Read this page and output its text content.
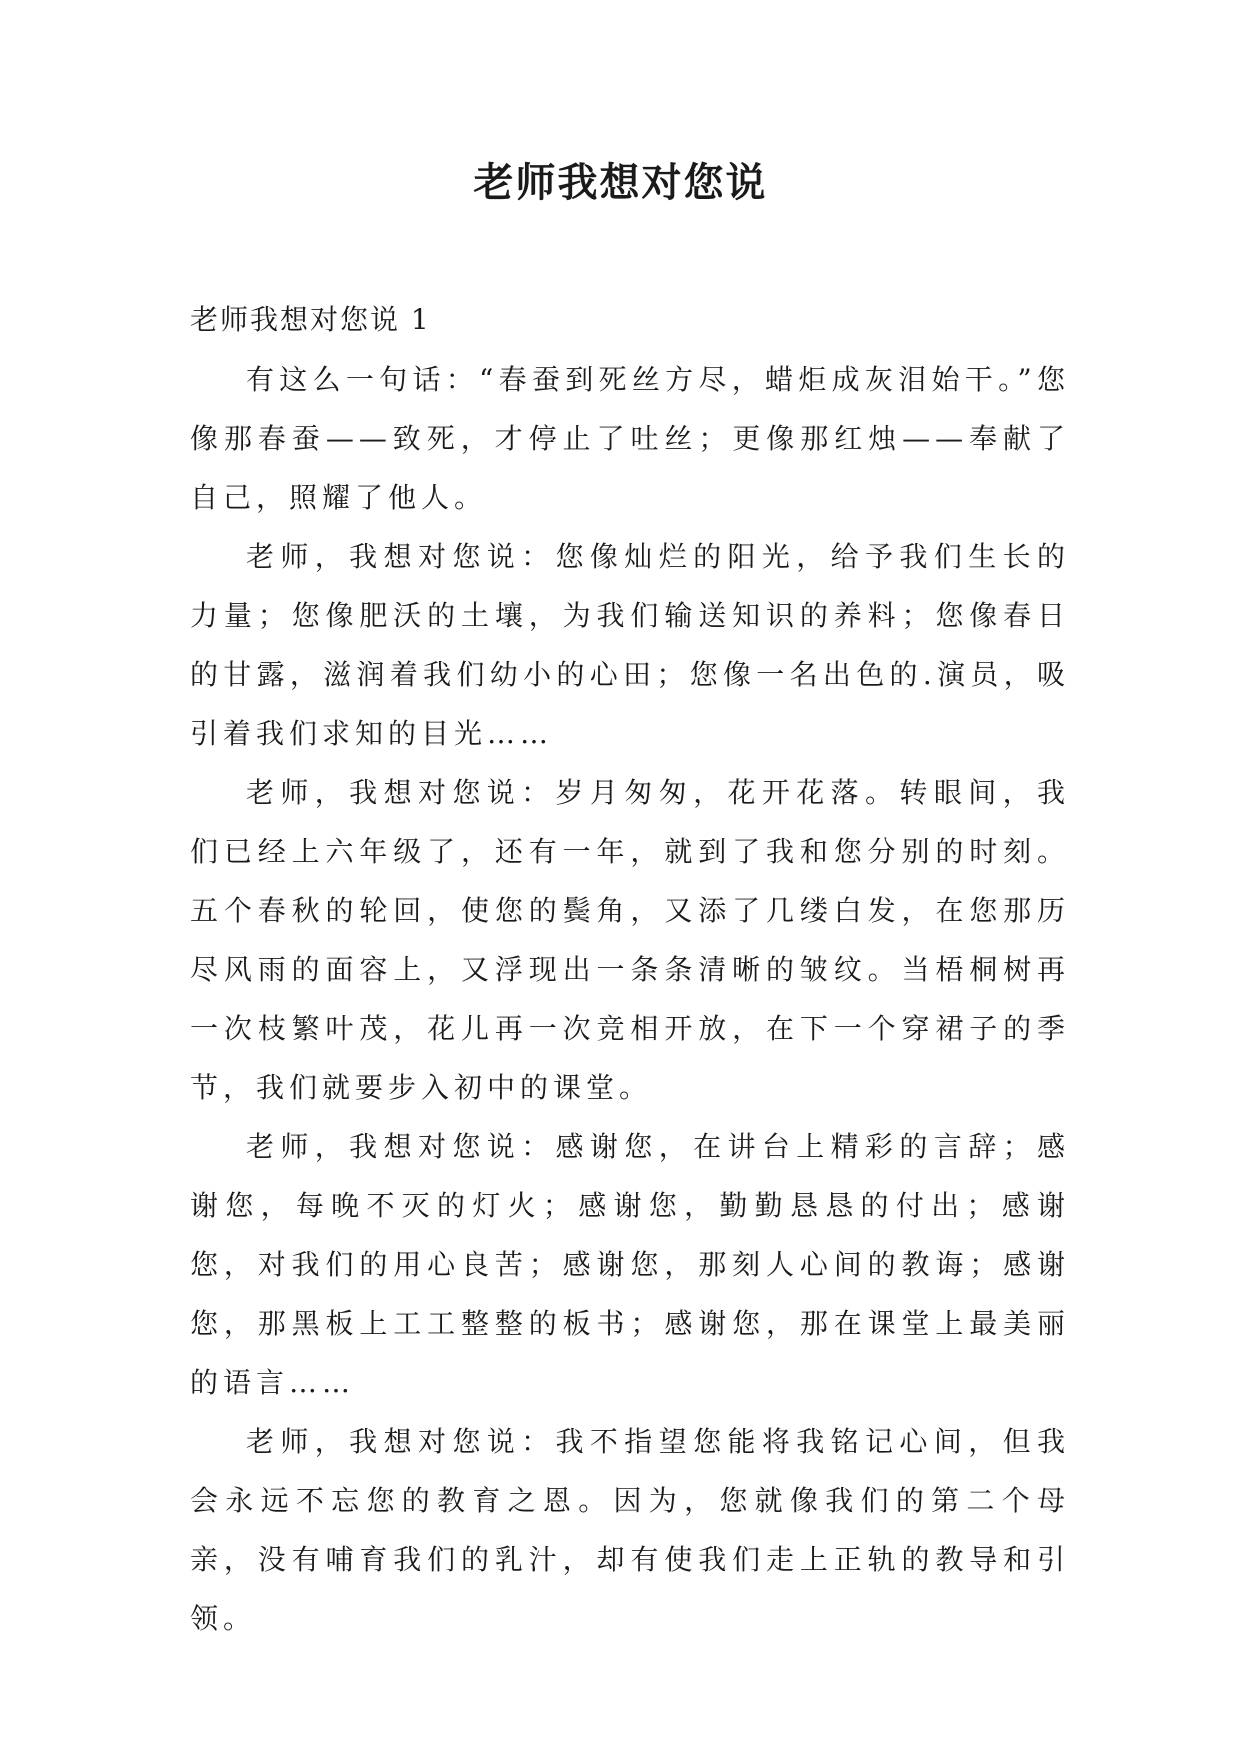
老师我想对您说

老师我想对您说 1

有这么一句话：“春蚕到死丝方尽，蜡炬成灰泪始干。”您像那春蚕——致死，才停止了吐丝；更像那红烛——奉献了自己，照耀了他人。

老师，我想对您说：您像灿烂的阳光，给予我们生长的力量；您像肥沃的土壤，为我们输送知识的养料；您像春日的甘露，滋润着我们幼小的心田；您像一名出色的.演员，吸引着我们求知的目光……

老师，我想对您说：岁月匆匆，花开花落。转眼间，我们已经上六年级了，还有一年，就到了我和您分别的时刻。五个春秋的轮回，使您的鬓角，又添了几缕白发，在您那历尽风雨的面容上，又浮现出一条条清晰的皱纹。当梧桐树再一次枝繁叶茂，花儿再一次竞相开放，在下一个穿裙子的季节，我们就要步入初中的课堂。

老师，我想对您说：感谢您，在讲台上精彩的言辞；感谢您，每晚不灭的灯火；感谢您，勤勤恳恳的付出；感谢您，对我们的用心良苦；感谢您，那刻人心间的教诲；感谢您，那黑板上工工整整的板书；感谢您，那在课堂上最美丽的语言……

老师，我想对您说：我不指望您能将我铭记心间，但我会永远不忘您的教育之恩。因为，您就像我们的第二个母亲，没有哺育我们的乳汁，却有使我们走上正轨的教导和引领。
